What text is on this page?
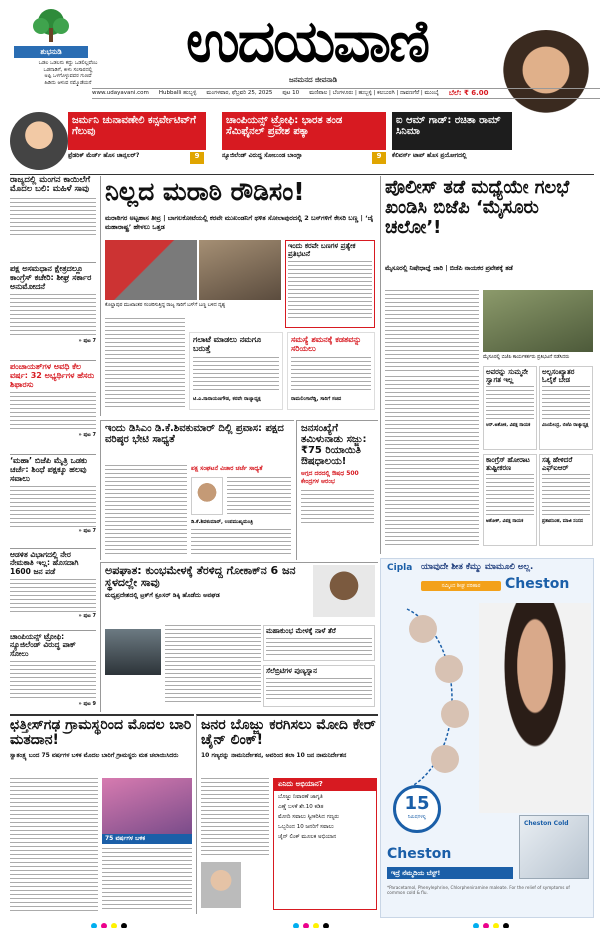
ಶುಭನುಡಿ
ಒಡಲ ಒಡಲನು ಕದ್ದು ಒಡಲಿಲ್ಲವೆಂಬ
ಒಡನಾಡಿಗೆ, ಕೀಳು ಸಂಸಾರದಲ್ಲಿ
ಅಪ್ಪಿ ಒಳಗೊಳ್ಳುವವರ ಗುಣವೆ
ಹಿಡಿದು ಆಳುವ ನಮ್ಮೊಡೆಯನೆ
ಉದಯವಾಣಿ
ಜನಮನದ ಜೀವನಾಡಿ
www.udayavani.com Hubballi ಹುಬ್ಬಳ್ಳಿ ಮಂಗಳವಾರ, ಫೆಬ್ರವರಿ 25, 2025 ಪುಟ 10 ಮಣಿಪಾಲ | ಬೆಂಗಳೂರು | ಹುಬ್ಬಳ್ಳಿ | ಕಲಬುರಗಿ | ದಾವಣಗೆರೆ | ಮುಂಬೈ ಬೆಲೆ: ₹ 6.00
ಜರ್ಮನಿ ಚುನಾವಣೇಲಿ ಕನ್ಸರ್ವೇಟಿವ್‌ಗೆ ಗೆಲುವು
ಫ್ರೆಡರಿಕ್ ಮೆರ್ಜ್ ಹೊಸ ಚಾನ್ಸಲರ್?	9
ಚಾಂಪಿಯನ್ಸ್ ಟ್ರೋಫಿ: ಭಾರತ ತಂಡ ಸೆಮಿಫೈನಲ್ ಪ್ರವೇಶ ಪಕ್ಕಾ
ನ್ಯೂಜಿಲೆಂಡ್ ವಿರುದ್ಧ ಸೋಲುಂಡ ಬಾಂಗ್ಲಾ	9
ಐ ಆಮ್ ಗಾಡ್: ರಚಿತಾ ರಾಮ್ ಸಿನಿಮಾ
ಕೆಲಿವರ್ಸ್ ಟಾಪ್ ಹೊಸ ಪ್ರಯೋಗದಲ್ಲಿ
ರಾಜ್ಯದಲ್ಲಿ ಮಂಗನ ಕಾಯಿಲೆಗೆ ಮೊದಲ ಬಲಿ: ಮಹಿಳೆ ಸಾವು
ಪಕ್ಷ ಅಸಮಧಾನ ಕ್ಷೇತ್ರದಲ್ಲೂ ಕಾಂಗ್ರೆಸ್ ಕಚೇರಿ: ಶೀಘ್ರ ಸರ್ಕಾರ ಅನುಮೋದನೆ
» ಪುಟ 7
ಪಂಚಾಯತ್‌ಗಳ ಅವಧಿ ಕೆಲ ವರ್ಷ: 32 ಅಭ್ಯರ್ಥಿಗಳ ಹೆಸರು ಶಿಫಾರಸು
» ಪುಟ 7
‘ಮಹಾ’ ಬಿಜೆಪಿ ಮೈತ್ರಿ ಒಡಕು ಚರ್ಚೆ: ಶಿಂಧೆ ಪಕ್ಷಕ್ಕೂ ಹಲವು ಸವಾಲು
» ಪುಟ 7
ಆಡಳಿತ ವಿಭಾಗದಲ್ಲಿ ನೇರ ನೇಮಕಾತಿ ಇಲ್ಲ: ಹೊಸದಾಗಿ 1600 ಜನ ಪಡೆ
» ಪುಟ 7
ಚಾಂಪಿಯನ್ಸ್ ಟ್ರೋಫಿ: ನ್ಯೂಜಿಲೆಂಡ್ ವಿರುದ್ಧ ಪಾಕ್ ಸೋಲು
» ಪುಟ 9
ನಿಲ್ಲದ ಮರಾಠಿ ರೌಡಿಸಂ!
ಮರಾಠಿಗರ ಅಟ್ಟಹಾಸ ತೀವ್ರ | ಬಾಗಲಕೋಟೆಯಲ್ಲಿ ಕರವೇ ಮುಖಂಡನಿಗೆ ಥಳಿತ ಸೋಲಾಪುರದಲ್ಲಿ 2 ಬಸ್‌ಗಳಿಗೆ ಕೇಸರಿ ಬಣ್ಣ | ‘ಜೈ ಮಹಾರಾಷ್ಟ್ರ’ ಹೇಳಲು ಒತ್ತಡ
ಕೊಲ್ಹಾಪುರ ಮುಖಾಂತರ ಸಂಚರಿಸುತ್ತಿದ್ದ ರಾಜ್ಯ ಸಾರಿಗೆ ಬಸ್‌ಗೆ ಬಣ್ಣ ಬಳಿದ ದೃಶ್ಯ
ಇಂದು ಕರವೇ ಬಣಗಳ ಪ್ರತ್ಯೇಕ ಪ್ರತಿಭಟನೆ
ಗಲಾಟೆ ಮಾಡಲು ನಮಗೂ ಬರುತ್ತೆ
ಟಿ.ಎ.ನಾರಾಯಣಗೌಡ, ಕರವೇ ರಾಜ್ಯಾಧ್ಯಕ್ಷ
ಸಮಸ್ಯೆ ಶಮನಕ್ಕೆ ಕಡತವನ್ನು ಸರಿಯಲು
ರಾಮಲಿಂಗಾರೆಡ್ಡಿ, ಸಾರಿಗೆ ಸಚಿವ
ಇಂದು ಡಿಸಿಎಂ ಡಿ.ಕೆ.ಶಿವಕುಮಾರ್ ದಿಲ್ಲಿ ಪ್ರವಾಸ: ಪಕ್ಷದ ವರಿಷ್ಠರ ಭೇಟಿ ಸಾಧ್ಯತೆ
ಪಕ್ಷ ಸಂಘಟನೆ ವಿಚಾರ ಚರ್ಚೆ ಸಾಧ್ಯತೆ
ಡಿ.ಕೆ.ಶಿವಕುಮಾರ್, ಉಪಮುಖ್ಯಮಂತ್ರಿ
ಜನಸಂಖ್ಯೆಗೆ ತಮಿಳುನಾಡು ಸಜ್ಜು: ₹75 ರಿಯಾಯಿತಿ ಔಷಧಾಲಯ!
ಅಗ್ಗದ ದರದಲ್ಲಿ ಔಷಧ 500 ಕೇಂದ್ರಗಳ ಆರಂಭ
ಅಪಘಾತ: ಕುಂಭಮೇಳಕ್ಕೆ ತೆರಳಿದ್ದ ಗೋಕಾಕ್‌ನ 6 ಜನ ಸ್ಥಳದಲ್ಲೇ ಸಾವು
ಮಧ್ಯಪ್ರದೇಶದಲ್ಲಿ ಟ್ರಕ್‌ಗೆ ಕ್ರೂಸರ್ ಡಿಕ್ಕಿ ಹೊಡೆದು ಅವಘಡ
ಮಹಾಕುಂಭ ಮೇಳಕ್ಕೆ ನಾಳೆ ತೆರೆ
ಸೆಲೆಬ್ರಿಟಿಗಳ ಪುಣ್ಯಸ್ನಾನ
ಪೊಲೀಸ್ ತಡೆ ಮಧ್ಯೆಯೇ ಗಲಭೆ ಖಂಡಿಸಿ ಬಿಜೆಪಿ ‘ಮೈಸೂರು ಚಲೋ’!
ಮೈಸೂರಲ್ಲಿ ನಿಷೇಧಾಜ್ಞೆ ಜಾರಿ | ಬಿಜೆಪಿ ನಾಯಕರ ಪ್ರವೇಶಕ್ಕೆ ತಡೆ
ಮೈಸೂರಲ್ಲಿ ಬಿಜೆಪಿ ಕಾರ್ಯಕರ್ತರು ಪ್ರತಿಭಟನೆ ನಡೆಸಿದರು
ಅವರನ್ನು ಸುಮ್ಮನೇ ಸ್ವಾಗತ ಇಲ್ಲ
ಆರ್.ಅಶೋಕ, ವಿಪಕ್ಷ ನಾಯಕ
ಅಲ್ಪಸಂಖ್ಯಾತರ ಓಲೈಕೆ ಬೇಡ
ವಿಜಯೇಂದ್ರ, ಬಿಜೆಪಿ ರಾಜ್ಯಾಧ್ಯಕ್ಷ
ಕಾಂಗ್ರೆಸ್ ಹೋರಾಟ ತುಷ್ಟೀಕರಣ
ಅಶೋಕ್, ವಿಪಕ್ಷ ನಾಯಕ
ಸತ್ಯ ಹೇಳಿದರೆ ಎಫ್ಐಆರ್
ಪ್ರತಾಪಸಿಂಹ, ಮಾಜಿ ಸಂಸದ
Cipla ಯಾವುದೇ ಶೀತ ಕೆಮ್ಮು ಮಾಮೂಲಿ ಅಲ್ಲ.
ನಮ್ಮಿಂದ ಶೀಘ್ರ ಪರಿಹಾರ	Cheston
15
ನಿಮಿಷಗಳಲ್ಲಿ
Cheston Cold
Cheston
ಇದ್ರೆ ನೆಮ್ಮದಿಯ ಬೆಸ್ಟ್!
*Paracetamol, Phenylephrine, Chlorpheniramine maleate. For the relief of symptoms of common cold & flu.
ಛತ್ತೀಸ್‌ಗಢ ಗ್ರಾಮಸ್ಥರಿಂದ ಮೊದಲ ಬಾರಿ ಮತದಾನ!
ಸ್ವಾತಂತ್ರ್ಯ ಬಂದ 75 ವರ್ಷಗಳ ಬಳಿಕ ಮೊದಲ ಬಾರಿಗೆ ಗ್ರಾಮಸ್ಥರು ಮತ ಚಲಾಯಿಸಿದರು
75 ವರ್ಷಗಳ ಬಳಿಕ
ಜನರ ಬೊಜ್ಜು ಕರಗಿಸಲು ಮೋದಿ ಕೇರ್ ಚೈನ್ ಲಿಂಕ್!
10 ಗಣ್ಯರನ್ನು ನಾಮನಿರ್ದೇಶನ, ಅವರಿಂದ ತಲಾ 10 ಜನ ನಾಮನಿರ್ದೇಶನ
ಏನಿದು ಅಭಿಯಾನ?
ಬೊಜ್ಜು ನಿವಾರಣೆ ಜಾಗೃತಿ
ಎಣ್ಣೆ ಬಳಕೆ ಶೇ.10 ಕಡಿತ
ಮೋದಿ ಸವಾಲು ಸ್ವೀಕರಿಸಿದ ಗಣ್ಯರು
ಒಬ್ಬರಿಂದ 10 ಜನರಿಗೆ ಸವಾಲು
ಚೈನ್ ಲಿಂಕ್ ಮೂಲಕ ಅಭಿಯಾನ
